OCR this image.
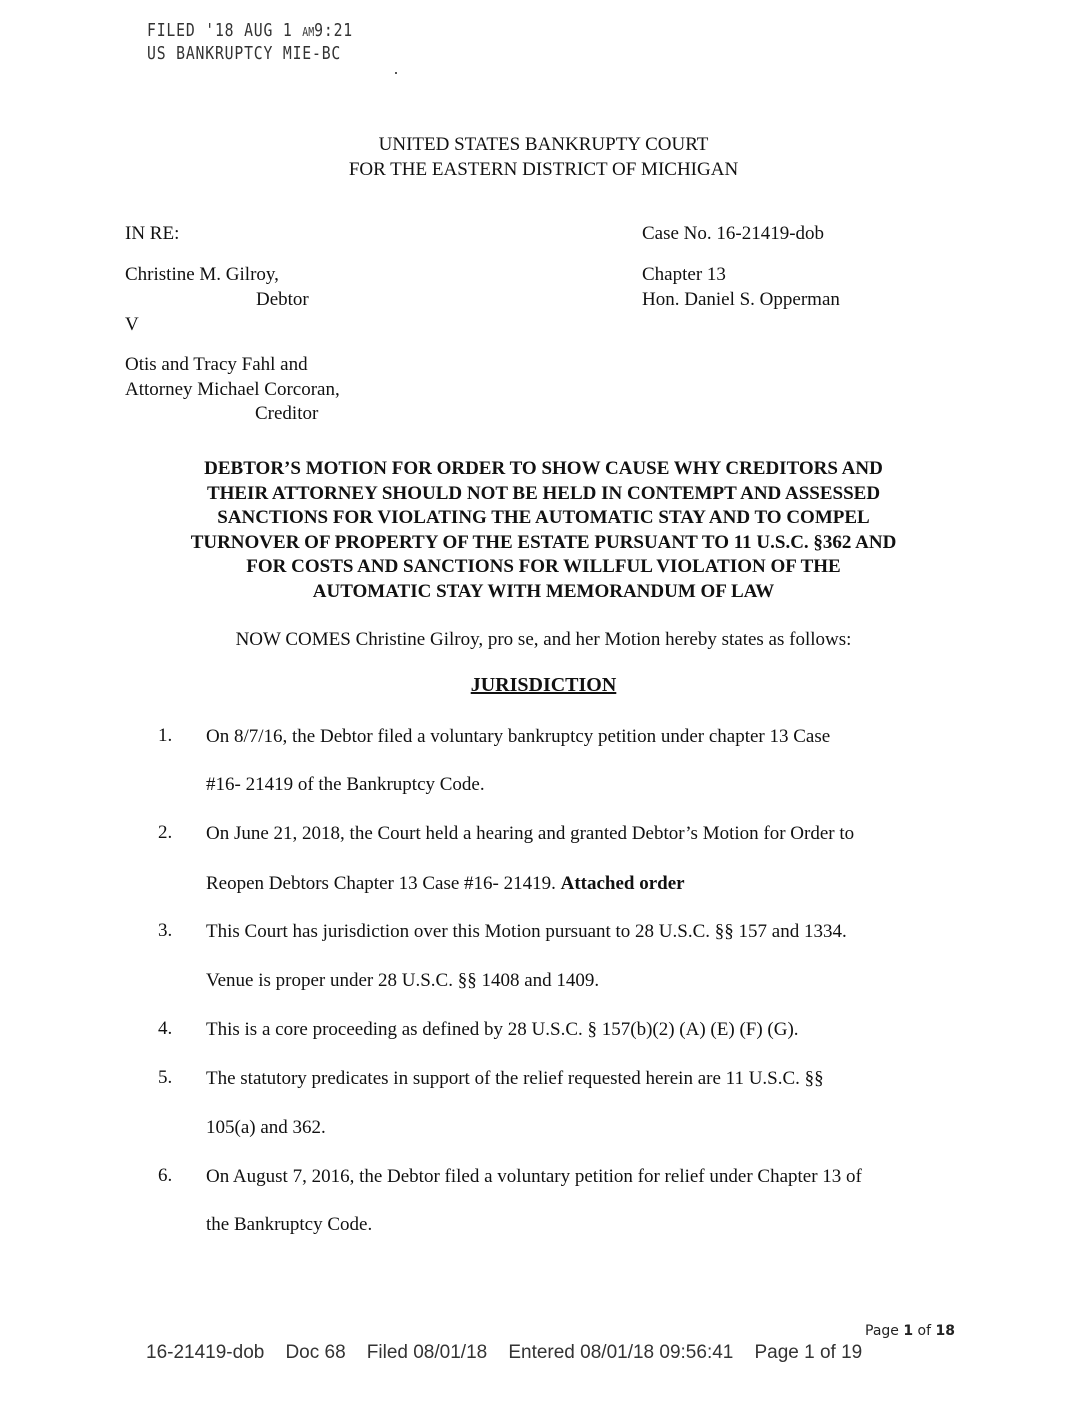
FILED '18 AUG 1 AM9:21
US BANKRUPTCY MIE-BC
UNITED STATES BANKRUPTY COURT
FOR THE EASTERN DISTRICT OF MICHIGAN
IN RE:	Case No. 16-21419-dob
Christine M. Gilroy,
Debtor
Chapter 13
Hon. Daniel S. Opperman
V
Otis and Tracy Fahl and
Attorney Michael Corcoran,
Creditor
DEBTOR’S MOTION FOR ORDER TO SHOW CAUSE WHY CREDITORS AND
THEIR ATTORNEY SHOULD NOT BE HELD IN CONTEMPT AND ASSESSED
SANCTIONS FOR VIOLATING THE AUTOMATIC STAY AND TO COMPEL
TURNOVER OF PROPERTY OF THE ESTATE PURSUANT TO 11 U.S.C. §362 AND
FOR COSTS AND SANCTIONS FOR WILLFUL VIOLATION OF THE
AUTOMATIC STAY WITH MEMORANDUM OF LAW
NOW COMES Christine Gilroy, pro se, and her Motion hereby states as follows:
JURISDICTION
1. On 8/7/16, the Debtor filed a voluntary bankruptcy petition under chapter 13 Case
#16- 21419 of the Bankruptcy Code.
2. On June 21, 2018, the Court held a hearing and granted Debtor’s Motion for Order to
Reopen Debtors Chapter 13 Case #16- 21419. Attached order
3. This Court has jurisdiction over this Motion pursuant to 28 U.S.C. §§ 157 and 1334.
Venue is proper under 28 U.S.C. §§ 1408 and 1409.
4. This is a core proceeding as defined by 28 U.S.C. § 157(b)(2) (A) (E) (F) (G).
5. The statutory predicates in support of the relief requested herein are 11 U.S.C. §§
105(a) and 362.
6. On August 7, 2016, the Debtor filed a voluntary petition for relief under Chapter 13 of
the Bankruptcy Code.
Page 1 of 18
16-21419-dob Doc 68 Filed 08/01/18 Entered 08/01/18 09:56:41 Page 1 of 19
